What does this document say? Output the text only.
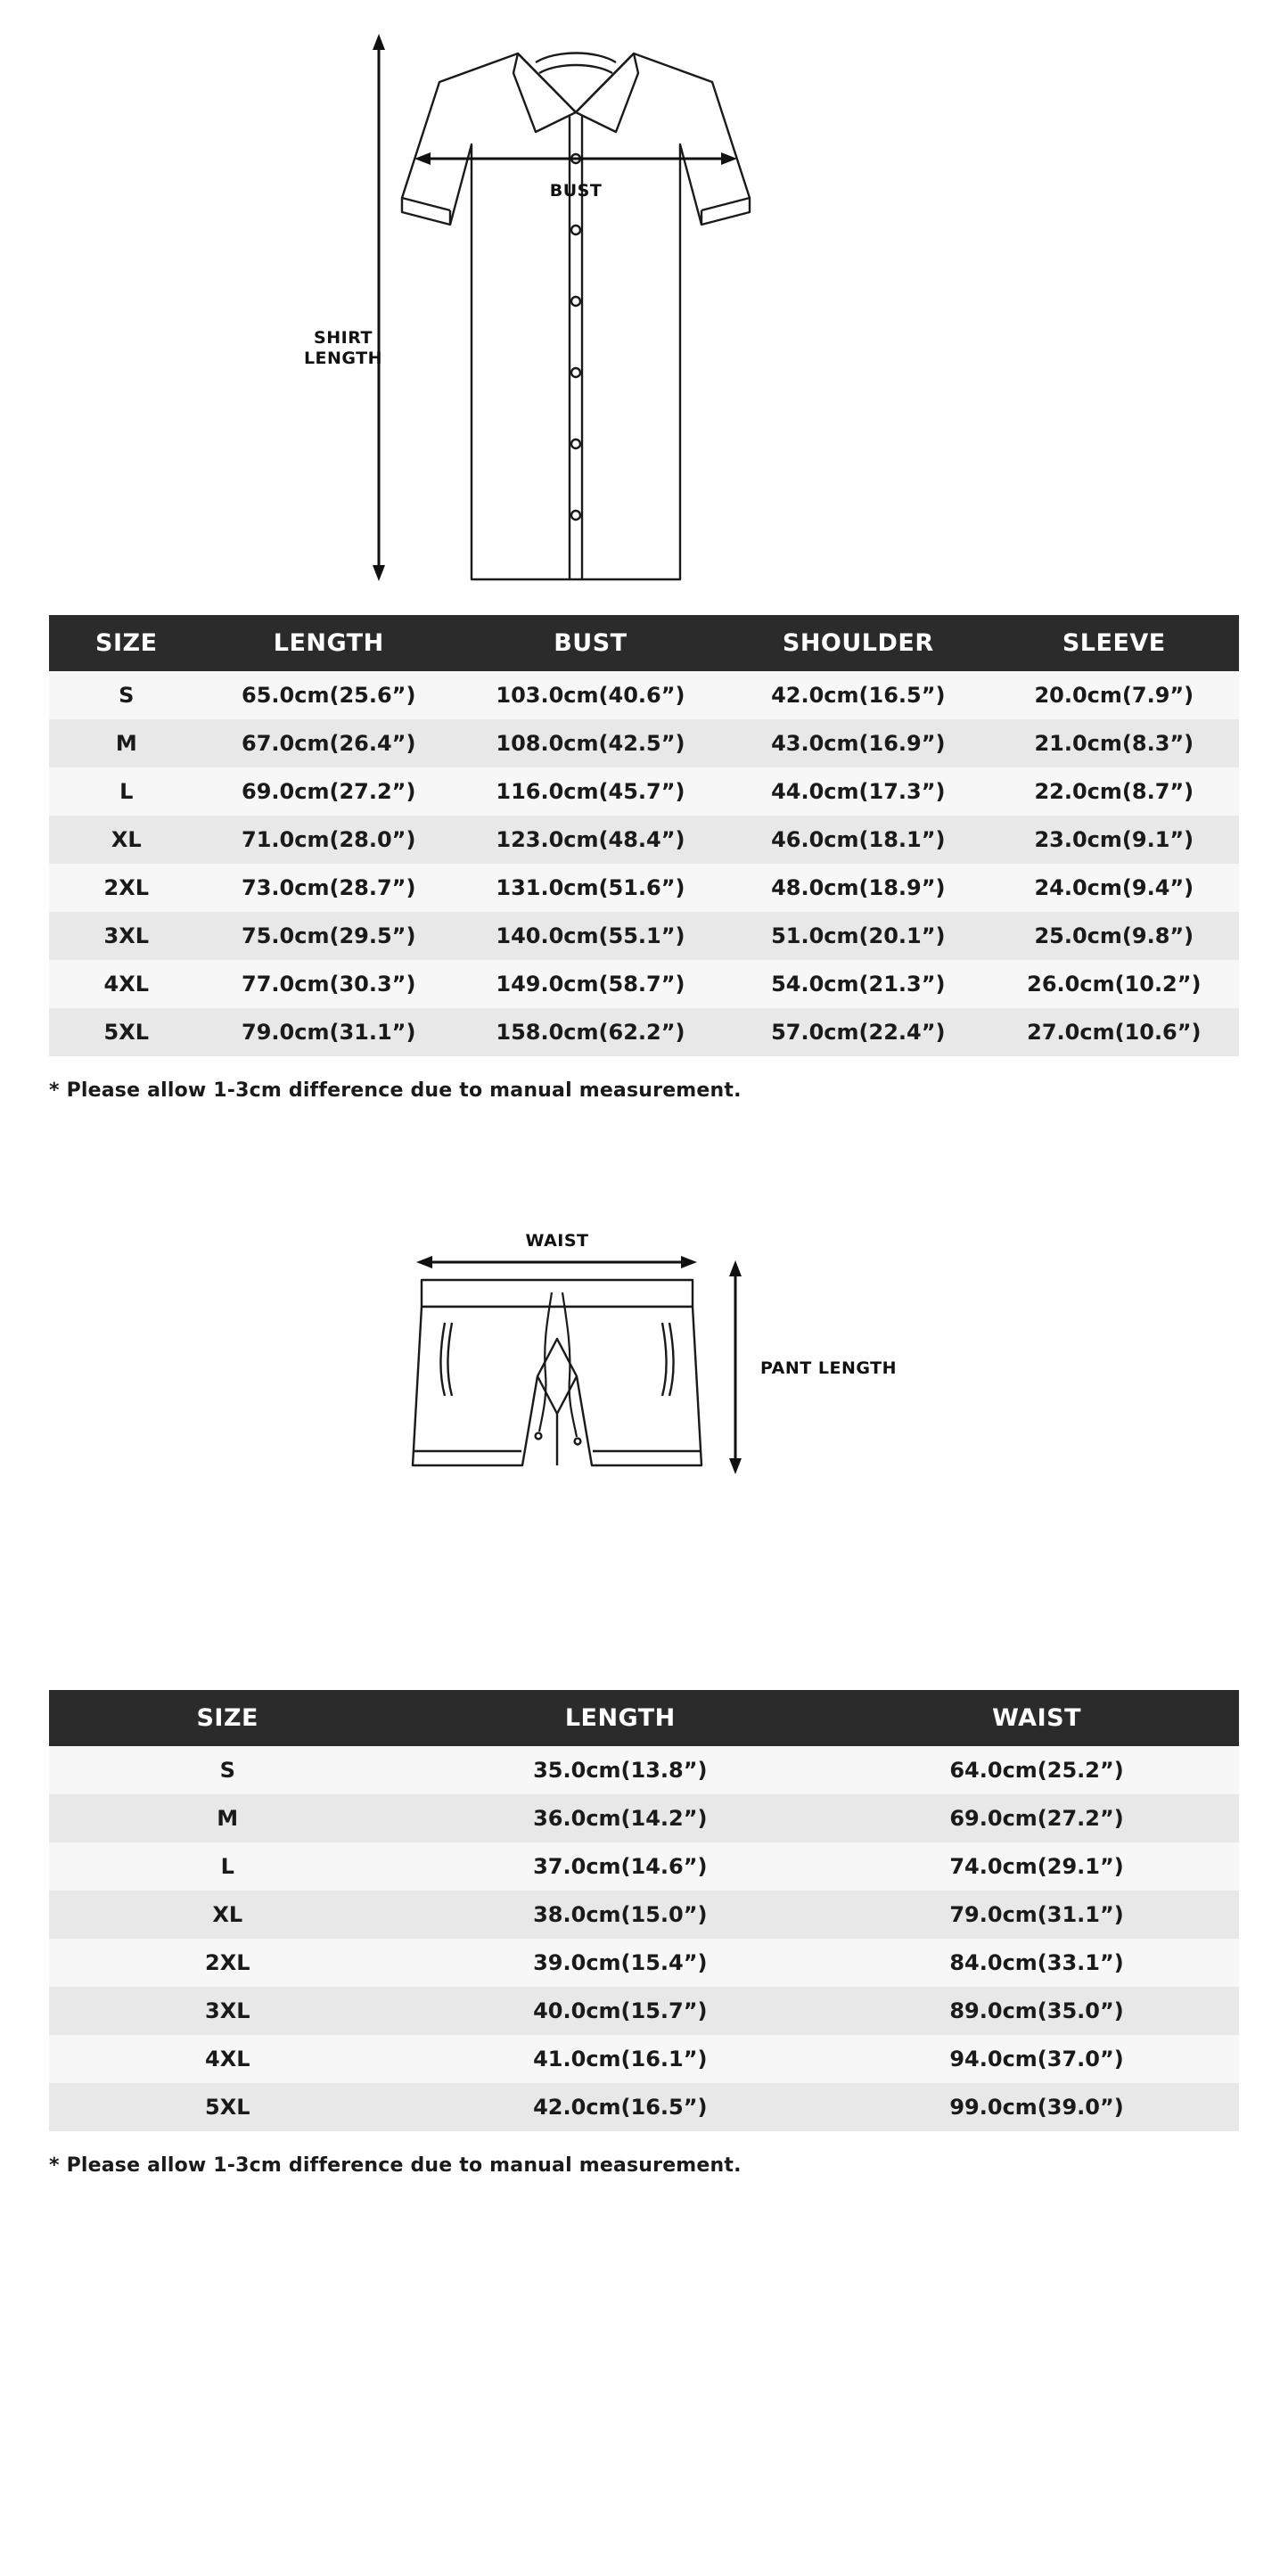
SHIRT
LENGTH
BUST
SIZE	LENGTH	BUST	SHOULDER	SLEEVE
S	65.0cm(25.6”)	103.0cm(40.6”)	42.0cm(16.5”)	20.0cm(7.9”)
M	67.0cm(26.4”)	108.0cm(42.5”)	43.0cm(16.9”)	21.0cm(8.3”)
L	69.0cm(27.2”)	116.0cm(45.7”)	44.0cm(17.3”)	22.0cm(8.7”)
XL	71.0cm(28.0”)	123.0cm(48.4”)	46.0cm(18.1”)	23.0cm(9.1”)
2XL	73.0cm(28.7”)	131.0cm(51.6”)	48.0cm(18.9”)	24.0cm(9.4”)
3XL	75.0cm(29.5”)	140.0cm(55.1”)	51.0cm(20.1”)	25.0cm(9.8”)
4XL	77.0cm(30.3”)	149.0cm(58.7”)	54.0cm(21.3”)	26.0cm(10.2”)
5XL	79.0cm(31.1”)	158.0cm(62.2”)	57.0cm(22.4”)	27.0cm(10.6”)
* Please allow 1-3cm difference due to manual measurement.
WAIST
PANT LENGTH
SIZE	LENGTH	WAIST
S	35.0cm(13.8”)	64.0cm(25.2”)
M	36.0cm(14.2”)	69.0cm(27.2”)
L	37.0cm(14.6”)	74.0cm(29.1”)
XL	38.0cm(15.0”)	79.0cm(31.1”)
2XL	39.0cm(15.4”)	84.0cm(33.1”)
3XL	40.0cm(15.7”)	89.0cm(35.0”)
4XL	41.0cm(16.1”)	94.0cm(37.0”)
5XL	42.0cm(16.5”)	99.0cm(39.0”)
* Please allow 1-3cm difference due to manual measurement.
